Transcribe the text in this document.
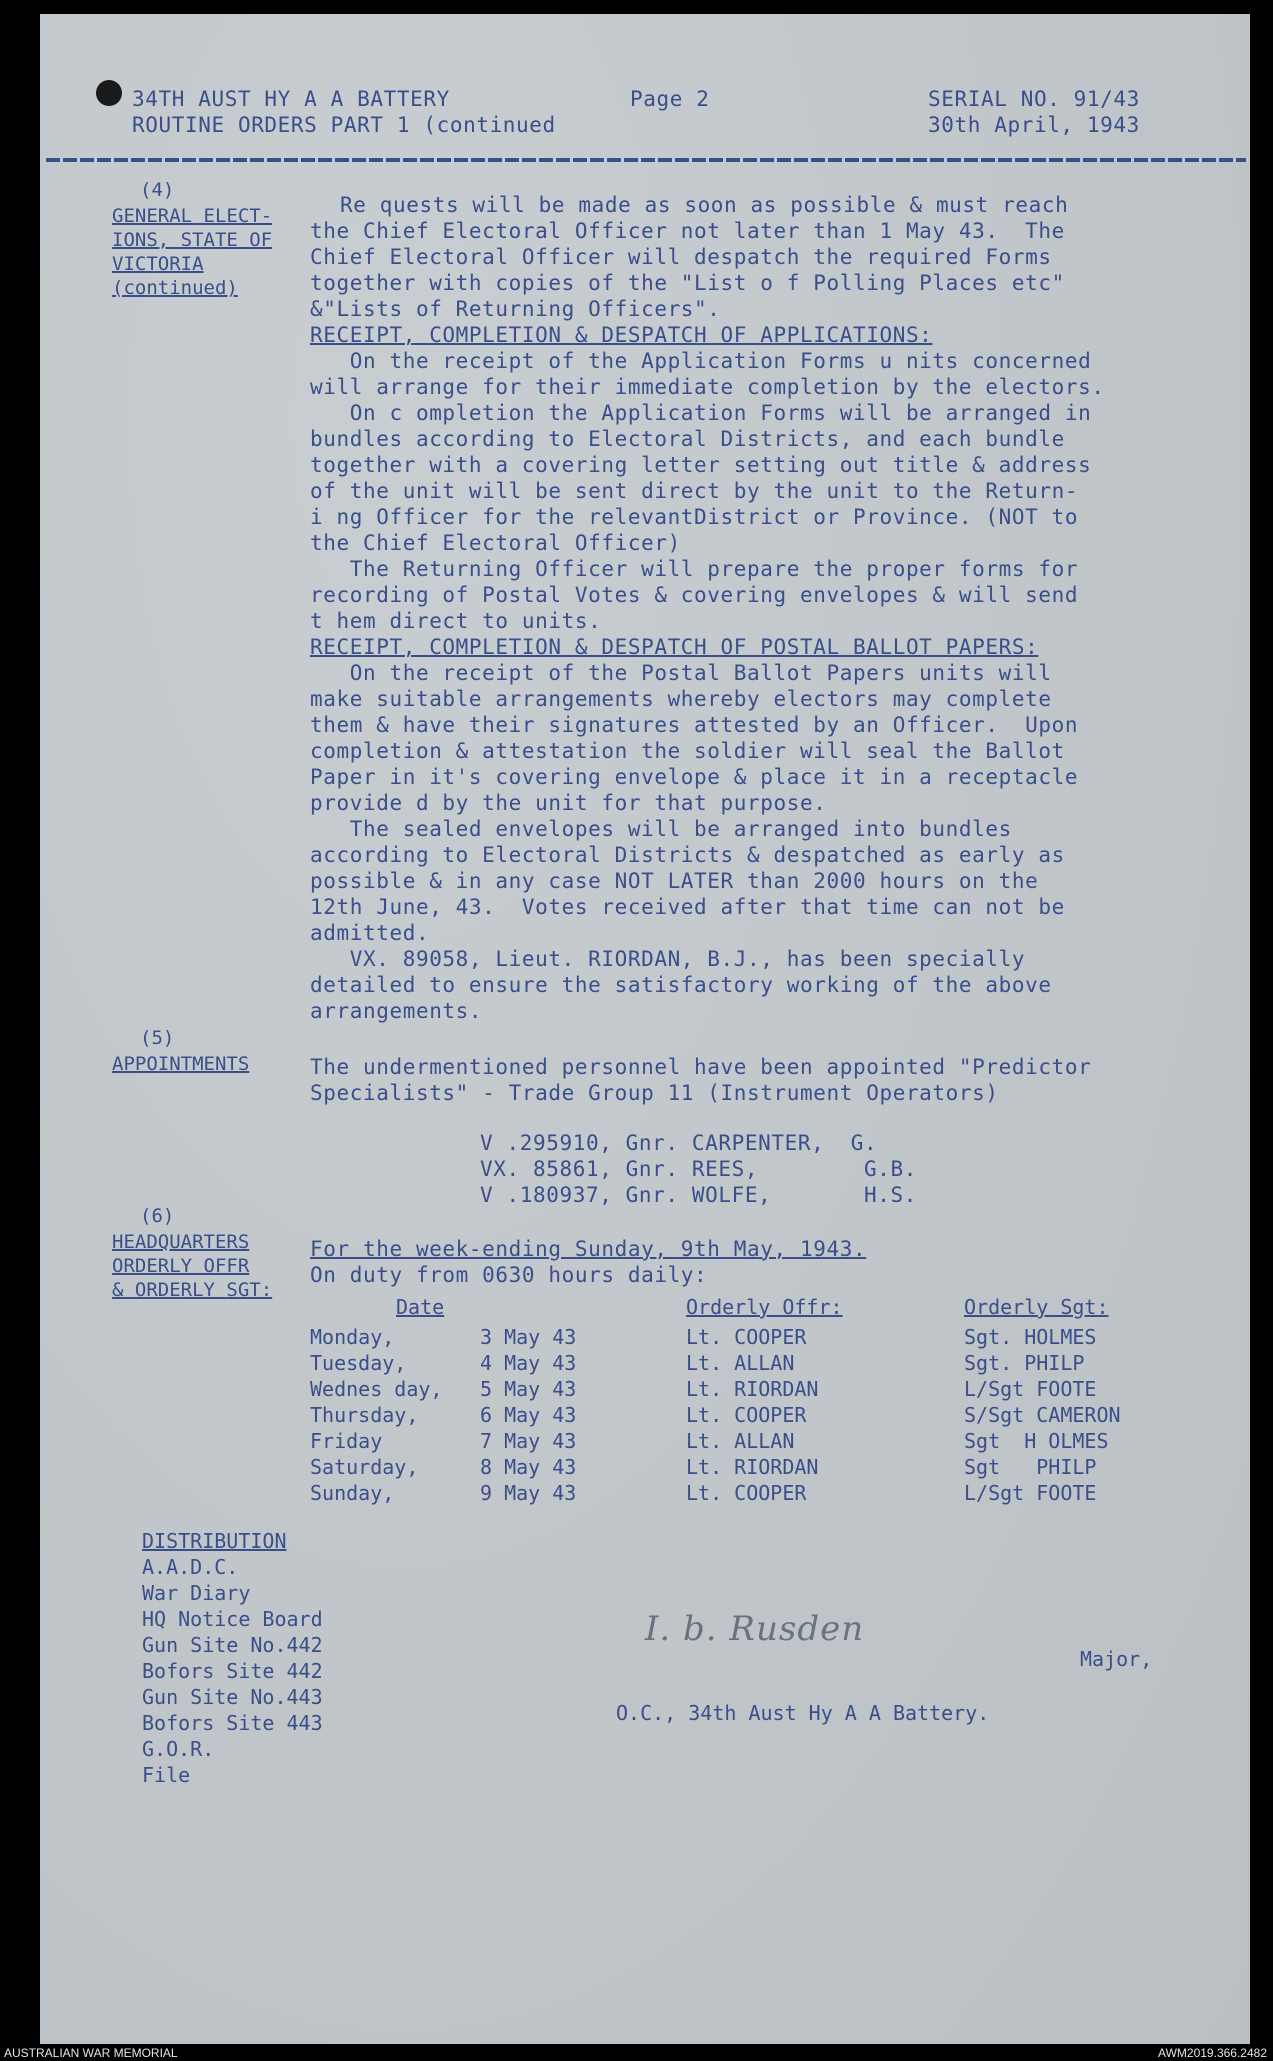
34TH AUST HY A A BATTERY
ROUTINE ORDERS PART 1 (continued
Page 2	SERIAL NO. 91/43
30th April, 1943
(4)
GENERAL ELECT-
IONS, STATE OF
VICTORIA
(continued)
Re quests will be made as soon as possible & must reach
the Chief Electoral Officer not later than 1 May 43.  The
Chief Electoral Officer will despatch the required Forms
together with copies of the "List o f Polling Places etc"
&"Lists of Returning Officers".
RECEIPT, COMPLETION & DESPATCH OF APPLICATIONS:
On the receipt of the Application Forms u nits concerned
will arrange for their immediate completion by the electors.
On c ompletion the Application Forms will be arranged in
bundles according to Electoral Districts, and each bundle
together with a covering letter setting out title & address
of the unit will be sent direct by the unit to the Return-
i ng Officer for the relevantDistrict or Province. (NOT to
the Chief Electoral Officer)
The Returning Officer will prepare the proper forms for
recording of Postal Votes & covering envelopes & will send
t hem direct to units.
RECEIPT, COMPLETION & DESPATCH OF POSTAL BALLOT PAPERS:
On the receipt of the Postal Ballot Papers units will
make suitable arrangements whereby electors may complete
them & have their signatures attested by an Officer.  Upon
completion & attestation the soldier will seal the Ballot
Paper in it's covering envelope & place it in a receptacle
provide d by the unit for that purpose.
The sealed envelopes will be arranged into bundles
according to Electoral Districts & despatched as early as
possible & in any case NOT LATER than 2000 hours on the
12th June, 43.  Votes received after that time can not be
admitted.
VX. 89058, Lieut. RIORDAN, B.J., has been specially
detailed to ensure the satisfactory working of the above
arrangements.
(5)
APPOINTMENTS	The undermentioned personnel have been appointed "Predictor
Specialists" - Trade Group 11 (Instrument Operators)
V .295910, Gnr. CARPENTER,  G.
VX. 85861, Gnr. REES,        G.B.
V .180937, Gnr. WOLFE,       H.S.
(6)
HEADQUARTERS
ORDERLY OFFR
& ORDERLY SGT:
For the week-ending Sunday, 9th May, 1943.
On duty from 0630 hours daily:
Date	Orderly Offr:	Orderly Sgt:
DISTRIBUTION
I. b. Rusden
Major,
O.C., 34th Aust Hy A A Battery.
Monday,	3 May 43	Lt. COOPER	Sgt. HOLMES
Tuesday,	4 May 43	Lt. ALLAN	Sgt. PHILP
Wednes day, 5 May 43	Lt. RIORDAN	L/Sgt FOOTE
Thursday,	6 May 43	Lt. COOPER	S/Sgt CAMERON
Friday	7 May 43	Lt. ALLAN	Sgt  H OLMES
Saturday,	8 May 43	Lt. RIORDAN	Sgt   PHILP
Sunday,	9 May 43	Lt. COOPER	L/Sgt FOOTE
A.A.D.C.
War Diary
HQ Notice Board
Gun Site No.442
Bofors Site 442
Gun Site No.443
Bofors Site 443
G.O.R.
File
AUSTRALIAN WAR MEMORIAL	AWM2019.366.2482
